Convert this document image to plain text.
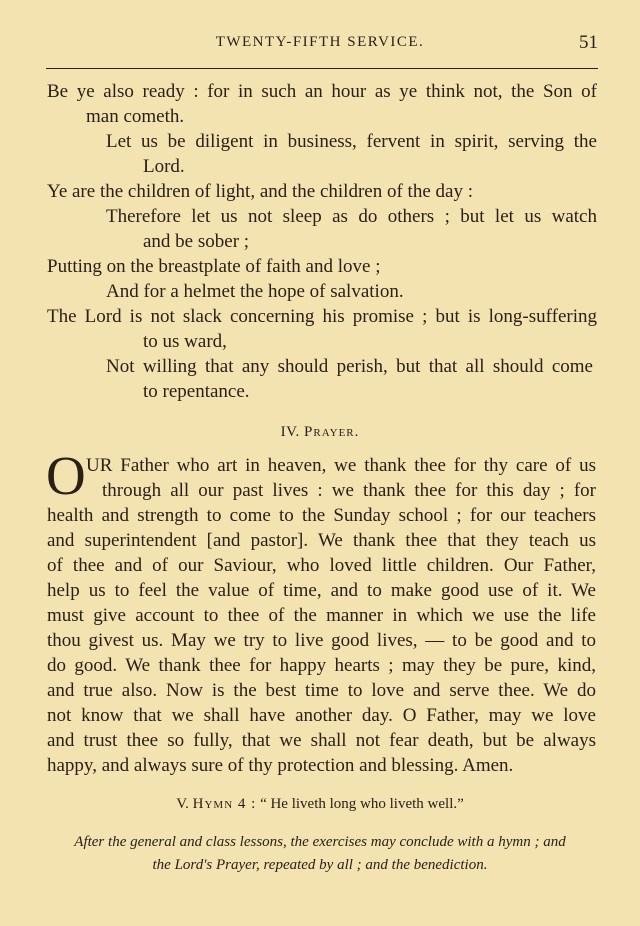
TWENTY-FIFTH SERVICE.	51
Be ye also ready : for in such an hour as ye think not, the Son of
man cometh.
Let us be diligent in business, fervent in spirit, serving the
Lord.
Ye are the children of light, and the children of the day :
Therefore let us not sleep as do others ; but let us watch
and be sober ;
Putting on the breastplate of faith and love ;
And for a helmet the hope of salvation.
The Lord is not slack concerning his promise ; but is long-suffering
to us ward,
Not willing that any should perish, but that all should come
to repentance.
IV. Prayer.
O UR Father who art in heaven, we thank thee for thy care of us
through all our past lives : we thank thee for this day ; for
health and strength to come to the Sunday school ; for our teachers
and superintendent [and pastor]. We thank thee that they teach us
of thee and of our Saviour, who loved little children. Our Father,
help us to feel the value of time, and to make good use of it. We
must give account to thee of the manner in which we use the life
thou givest us. May we try to live good lives, — to be good and to
do good. We thank thee for happy hearts ; may they be pure, kind,
and true also. Now is the best time to love and serve thee. We do
not know that we shall have another day. O Father, may we love
and trust thee so fully, that we shall not fear death, but be always
happy, and always sure of thy protection and blessing. Amen.
V. Hymn 4 : “ He liveth long who liveth well.”
After the general and class lessons, the exercises may conclude with a hymn ; and
the Lord's Prayer, repeated by all ; and the benediction.
